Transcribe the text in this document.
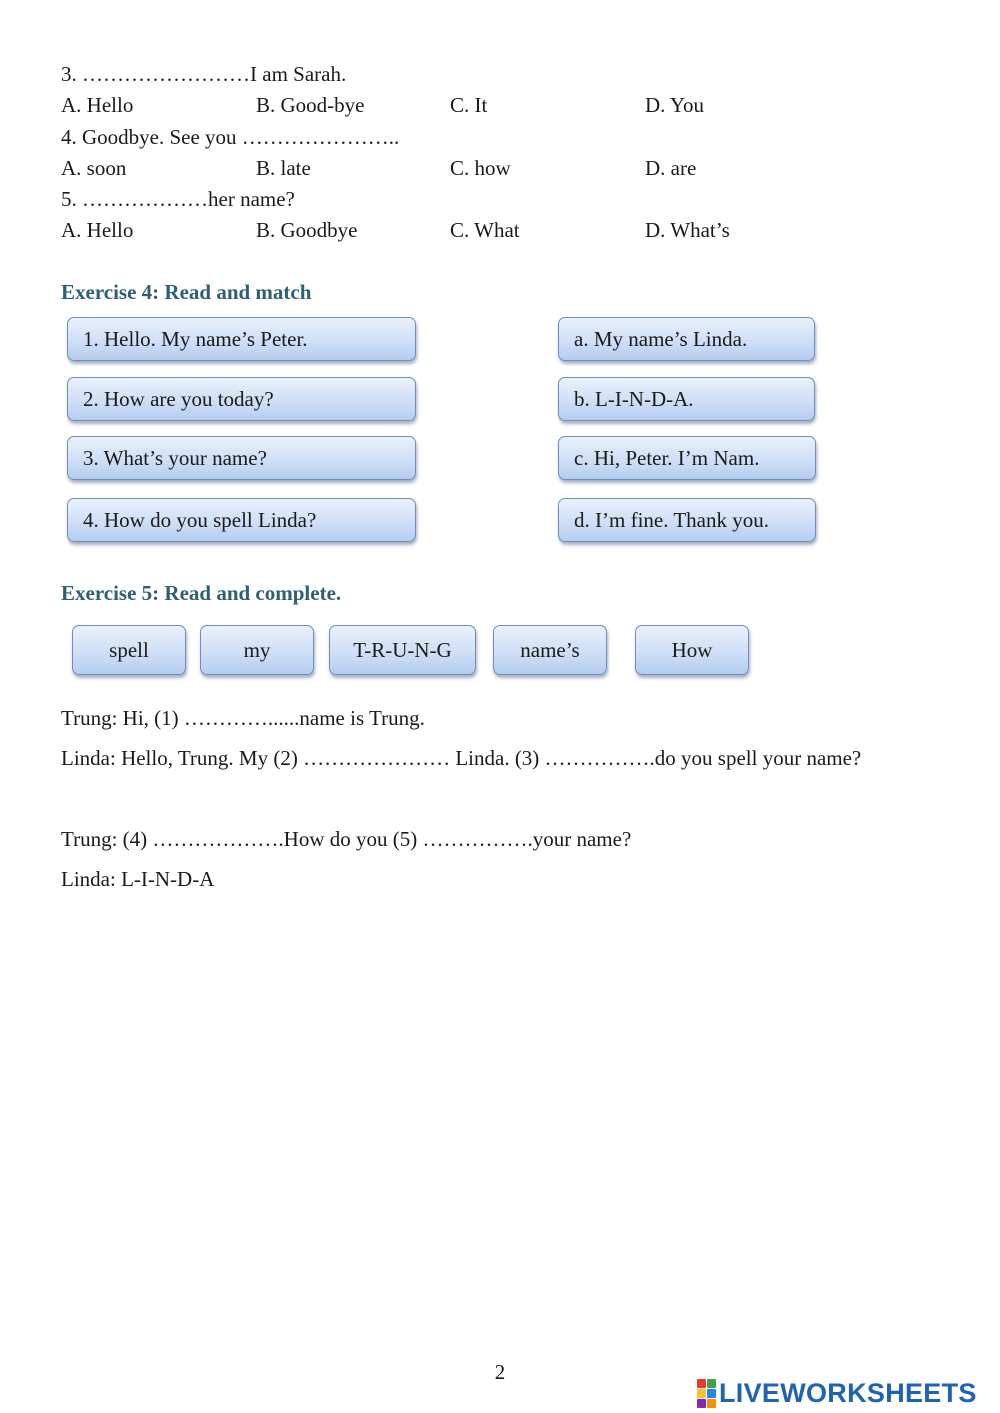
3. ……………………I am Sarah.
A. Hello	B. Good-bye	C. It	D. You
4. Goodbye. See you …………………..
A. soon	B. late	C. how	D. are
5. ………………her name?
A. Hello	B. Goodbye	C. What	D. What’s
Exercise 4: Read and match
1. Hello. My name’s Peter.
2. How are you today?
3. What’s your name?
4. How do you spell Linda?
a. My name’s Linda.
b. L-I-N-D-A.
c. Hi, Peter. I’m Nam.
d. I’m fine. Thank you.
Exercise 5: Read and complete.
spell	my	T-R-U-N-G	name’s	How
Trung: Hi, (1) …………......name is Trung.
Linda: Hello, Trung. My (2) ………………… Linda. (3) …………….do you spell your name?
Trung: (4) ……………….How do you (5) …………….your name?
Linda: L-I-N-D-A
2
LIVEWORKSHEETS
